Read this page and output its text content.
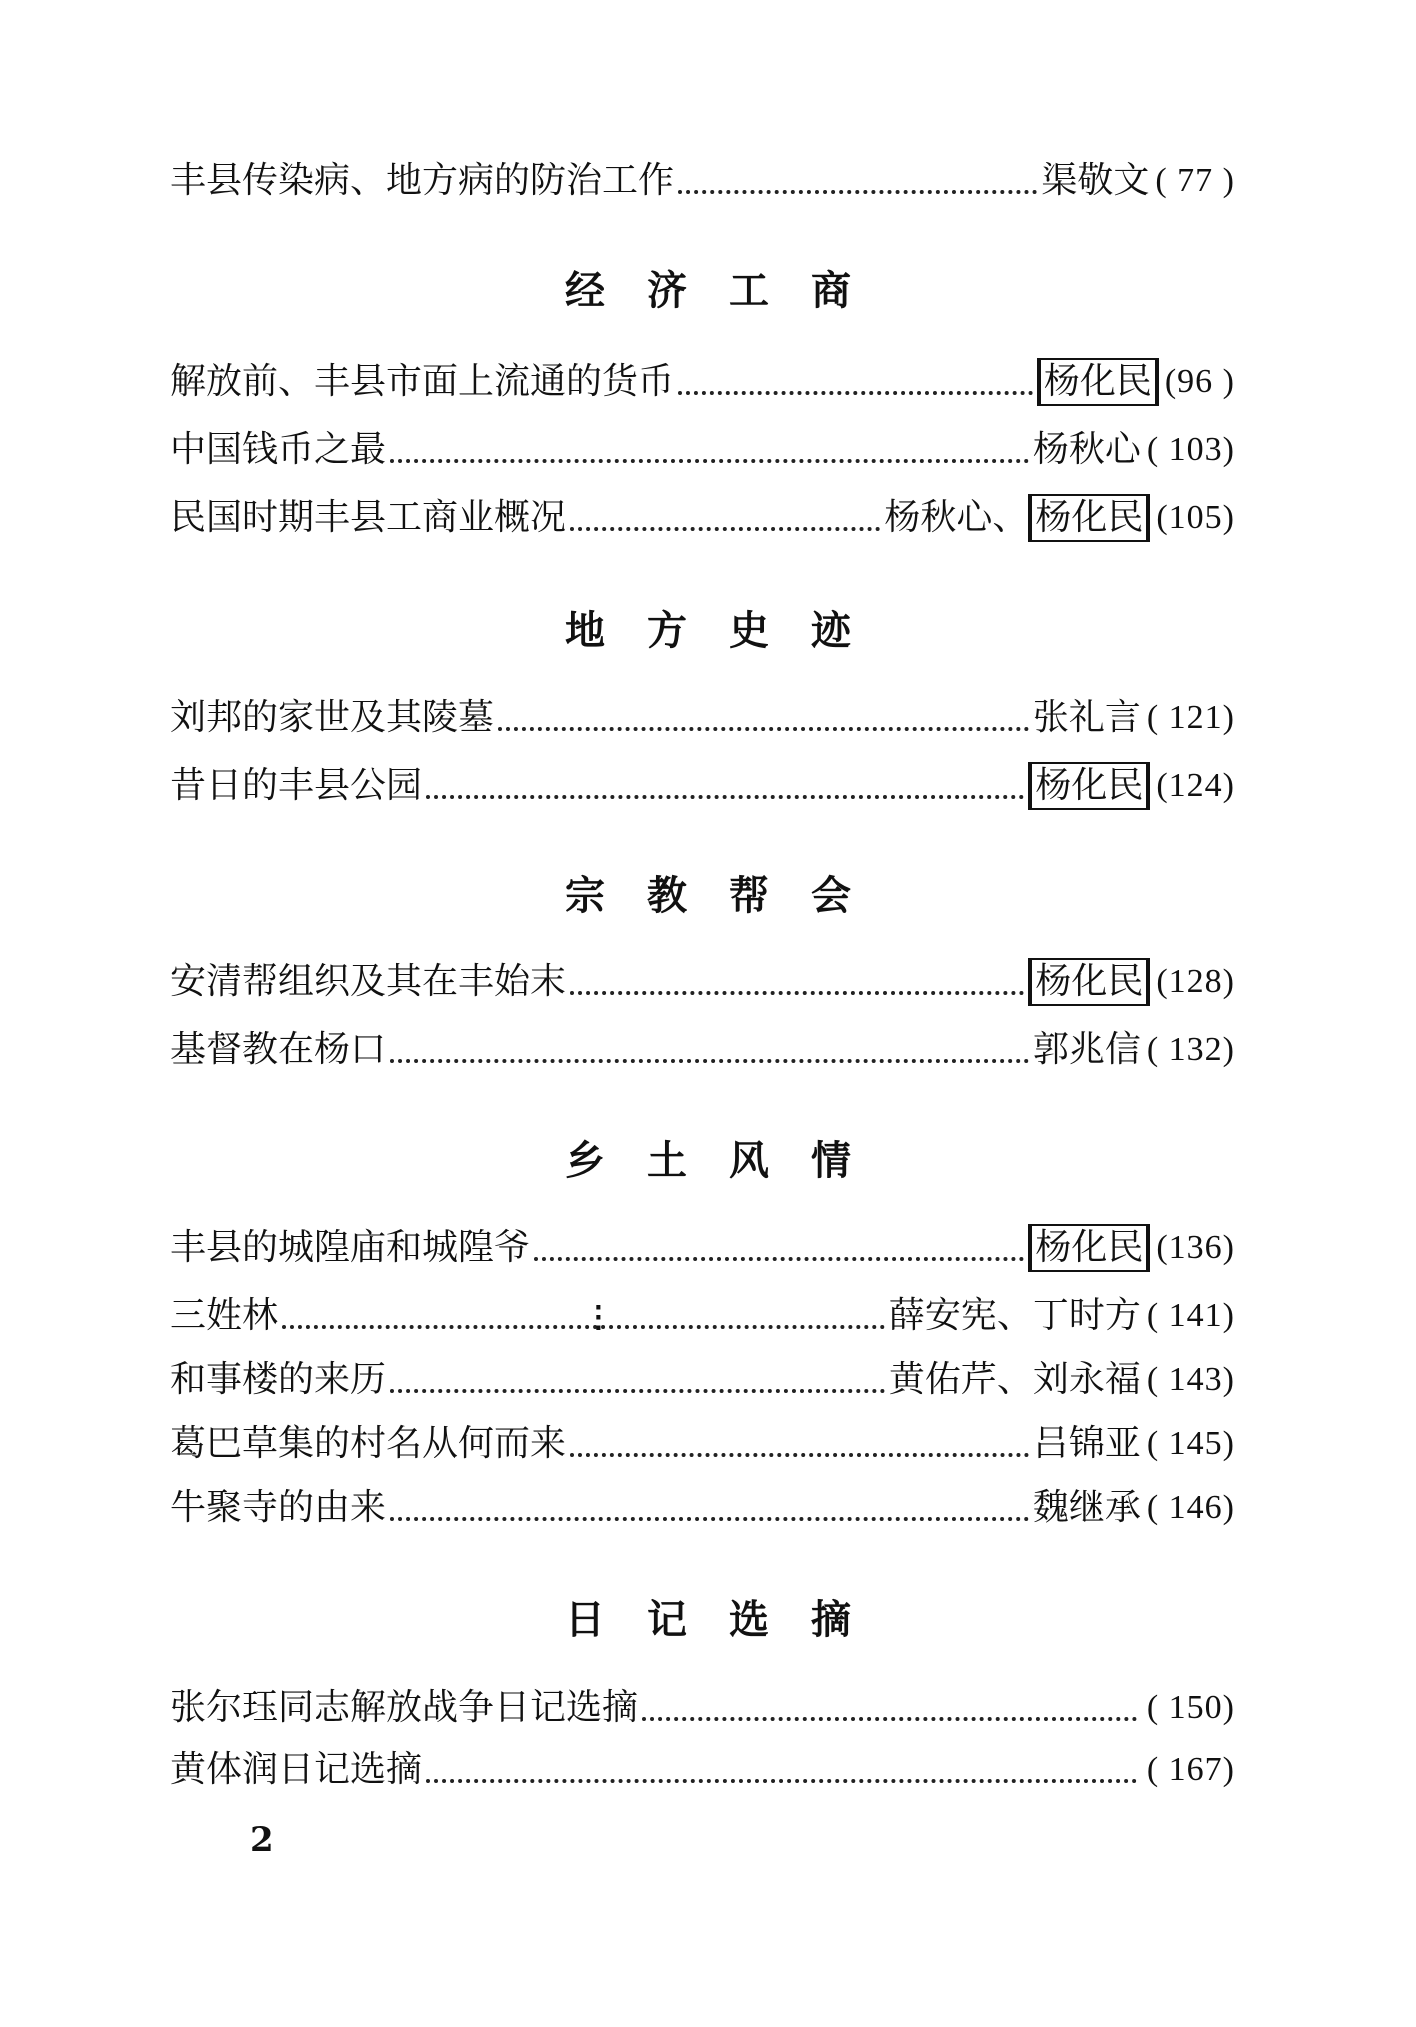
丰县传染病、地方病的防治工作	渠敬文 ( 77 )
经济工商
解放前、丰县市面上流通的货币	杨化民 (96 )
中国钱币之最	杨秋心 ( 103)
民国时期丰县工商业概况	杨秋心、 杨化民 (105)
地方史迹
刘邦的家世及其陵墓	张礼言 ( 121)
昔日的丰县公园	杨化民 (124)
宗教帮会
安清帮组织及其在丰始末	杨化民 (128)
基督教在杨口	郭兆信 ( 132)
乡土风情
丰县的城隍庙和城隍爷	杨化民 (136)
三姓林	⋮	薛安宪、丁时方 ( 141)
和事楼的来历	黄佑芹、刘永福 ( 143)
葛巴草集的村名从何而来	吕锦亚 ( 145)
牛聚寺的由来	魏继承 ( 146)
日记选摘
张尔珏同志解放战争日记选摘	( 150)
黄体润日记选摘	( 167)
2
